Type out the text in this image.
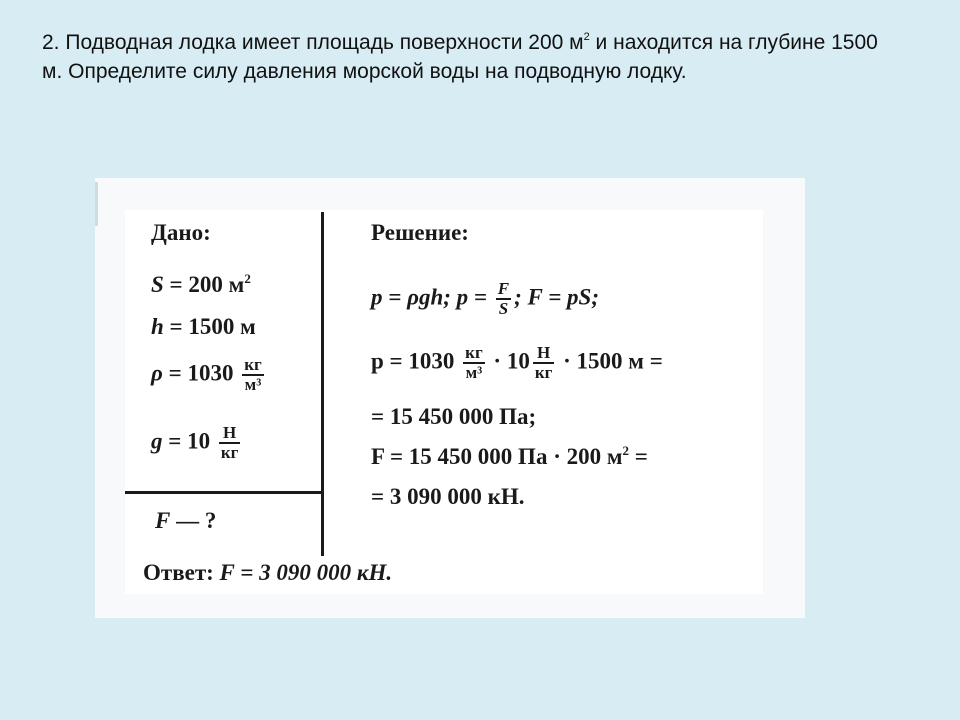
2. Подводная лодка имеет площадь поверхности 200 $м^2$ и находится на глубине 1500 м. Определите силу давления морской воды на подводную лодку.
Дано:	Решение:
S = 200 $м^2$
h = 1500 м
$\rho = 1030 \frac{кг}{\text{м³}}$
$g = 10 \frac{Н}{кг}$
F — ?
p = ρgh; $p = \frac{F}{S}$ ; F = pS;
$p = 1030 \frac{кг}{\text{м³}} \cdot 10 \frac{Н}{кг} \cdot 1500$ м =
= 15 450 000 Па;
F = 15 450 000 Па · 200 $м^2$ =
= 3 090 000 кН.
Ответ: F = 3 090 000 кН.
